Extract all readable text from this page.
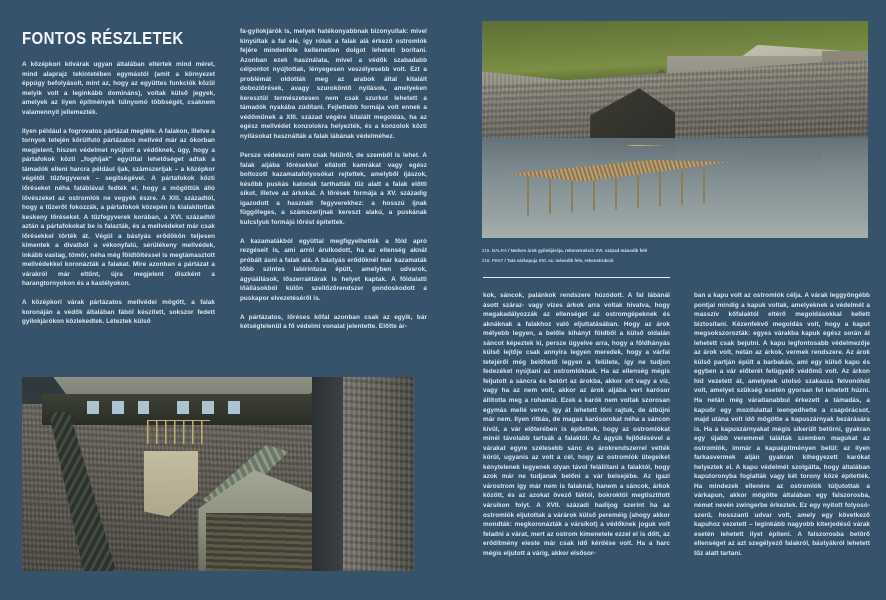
FONTOS RÉSZLETEK

A középkori kővárak ugyan általában eltértek mind méret, mind alaprajz tekintetében egymástól (amit a környezet éppúgy befolyásolt, mint az, hogy az együttes funkciók közül melyik volt a leginkább domináns), voltak külső jegyek, amelyek az ilyen építmények túlnyomó többségét, csaknem valamennyit jellemezték.

Ilyen például a fogrovatos pártázat megléte. A falakon, illetve a tornyok tetején körülfutó pártázatos mellvéd már az ókorban megjelent, hiszen védelmet nyújtott a védőknek, úgy, hogy a pártafokok közti „foghíjak" egyúttal lehetőséget adtak a támadók elleni harcra például íjak, számszeríjak – a középkor végétől tűzfegyverek – segítségével. A pártafokok közti lőréseket néha fatáblával fedték el, hogy a mögöttük álló lövészeket az ostromlók ne vegyék észre. A XIII. századtól, hogy a tűzerőt fokozzák, a pártafokok közepén is kialakítottak keskeny lőréseket. A tűzfegyverek korában, a XVI. századtól aztán a pártafokokat be is falazták, és a mellvédeket már csak lőrésekkel törték át. Végül a bástyás erődökön teljesen kimentek a divatból a vékonyfalú, sérülékeny mellvédek, inkább vastag, tömör, néha még földtöltéssel is megtámasztott mellvédekkel koronázták a falakat. Mire azonban a pártázat a várakról már eltűnt, újra megjelent díszként a harangtornyokon és a kastélyokon.

A középkori várak pártázatos mellvédei mögött, a falak koronáján a védők általában fából készített, sokszor fedett gyilokjárókon közlekedtek. Léteztek külső

fa-gyilokjárók is, melyek hatékonyabbnak bizonyultak: mivel kinyúltak a fal elé, így róluk a falak alá érkező ostromlók fejére mindenféle kellemetlen dolgot lehetett borítani. Azonban ezek használata, mivel a védők szabadabb célpontot nyújtottak, lényegesen veszélyesebb volt. Ezt a problémát oldották meg az arabok által kitalált dobozlőrések, avagy szuroköntő nyílások, amelyeken keresztül természetesen nem csak szurkot lehetett a támadók nyakába zúdítani. Fejlettebb formája volt ennek a védőműnek a XIII. század végére kitalált megoldás, ha az egész mellvédet konzolokra helyezték, és a konzolok közti nyílásokat használták a falak lábának védelméhez.

Persze védekezni nem csak felülről, de szemből is lehet. A falak aljába lőrésekkel ellátott kamrákat vagy egész boltozott kazamatafolyosókat rejtettek, amelyből íjászok, később puskás katonák tarthatták tűz alatt a falak előtti síkot, illetve az árkokat. A lőrések formája a XV. századig igazodott a használt fegyverekhez: a hosszú íjnak függőleges, a számszeríjnak kereszt alakú, a puskának kulcslyuk formájú lőrést építettek.

A kazamatákból együttal megfigyelhették a föld apró rezgéseit is, ami arról árulkodott, ha az ellenség aknát próbált ásni a falak alá. A bástyás erődöknél már kazamaták több szintes labirintusa épült, amelyben udvarok, ágyúállások, lőszerraktárak is helyet kaptak. A földalatti lőállásokból külön szellőzőrendszer gondoskodott a puskapor elvezetéséről is.

A pártázatos, lőréses kőfal azonban csak az egyik, bár kétségtelenül a fő védelmi vonalat jelentette. Előtte ár-

kok, sáncok, palánkok rendszere húzódott. A fal lábánál ásott száraz- vagy vizes árkok arra voltak hivatva, hogy megakadályozzák az ellenséget az ostromgépeknek és aknáknak a falakhoz való eljuttatásában. Hogy az árok mélyebb legyen, a belőle kihányt földből a külső oldalán sáncot képeztek ki, persze ügyelve arra, hogy a földhányás külső lejtője csak annyira legyen meredek, hogy a várfal tetejéről még belőhető legyen a felülete, így ne tudjon fedezéket nyújtani az ostromlóknak. Ha az ellenség mégis feljutott a sáncra és betört az árokba, akkor ott vagy a víz, vagy ha az nem volt, akkor az árok aljába vert karósor állította meg a rohamát. Ezek a karók nem voltak szorosan egymás mellé verve, így át lehetett lőni rajtuk, de átbújni már nem. Ilyen ritkás, de magas karósorokat néha a sáncon kívül, a vár előterében is építettek, hogy az ostromlókat minél távolabb tartsák a falaktól. Az ágyúk fejlődésével a várakat egyre szélesebb sánc és árokrendszerrel vették körül, ugyanis az volt a cél, hogy az ostromlók ütegeiket kénytelenek legyenek olyan távol felállítani a falaktól, hogy azok már ne tudjanak belőni a vár belsejébe. Az igazi várostrom így már nem is falaknál, hanem a sáncok, árkok között, és az azokat övező fáktól, bokroktól megtisztított vársíkon folyt. A XVII. századi hadijog szerint ha az ostromlók eljutottak a várárok külső pereméig (ahogy akkor mondták: megkoronázták a vársíkot) a védőknek joguk volt feladni a várat, mert az ostrom kimenetele ezzel el is dőlt, az erődítmény eleste már csak idő kérdése volt. Ha a harc mégis eljutott a várig, akkor elsősor-

ban a kapu volt az ostromlók célja. A várak leggyöngébb pontjai mindig a kapuk voltak, amelyeknek a védelmét a masszív kőfalaktól eltérő megoldásokkal kellett biztosítani. Kézenfekvő megoldás volt, hogy a kaput megsokszorozták: egyes várakba kapuk egész során át lehetett csak bejutni. A kapu legfontosabb védelmezője az árok volt, netán az árkok, vermek rendszere. Az árok külső partján épült a barbakán, ami egy külső kapu és egyben a vár előterét felügyelő védőmű volt. Az árkon híd vezetett át, amelynek utolsó szakasza felvonóhíd volt, amelyet szükség esetén gyorsan fel lehetett húzni. Ha netán még váratlanabbul érkezett a támadás, a kapuőr egy mozdulattal leengedhette a csapórácsot, majd utána volt idő mögötte a kapuszárnyak bezárására is. Ha a kapuszárnyakat mégis sikerült betörni, gyakran egy újabb veremmel találták szemben magukat az ostromlók, immár a kapuépítményen belül: az ilyen farkasvermek alján gyakran kihegyezett karókat helyeztek el. A kapu védelmét szolgálta, hogy általában kaputoronyba foglalták vagy két torony közé építették. Ha mindezek ellenére az ostromlók túljutottak a várkapun, akkor mögötte általában egy falszorosba, német nevén zwingerbe érkeztek. Ez egy nyitott folyosó-szerű, hosszanti udvar volt, amely egy következő kapuhoz vezetett – leginkább nagyobb kiterjedésű várak esetén lehetett ilyet építeni. A falszorosba betörő ellenséget az azt szegélyező falakról, bástyákról lehetett tűz alatt tartani.

215. BALRA / Nedves árok gyilokjárója, rekonstrukció XVI. század második felé
216. FENT / Tata várkapuja XVI. sz. második fele, rekonstrukció
